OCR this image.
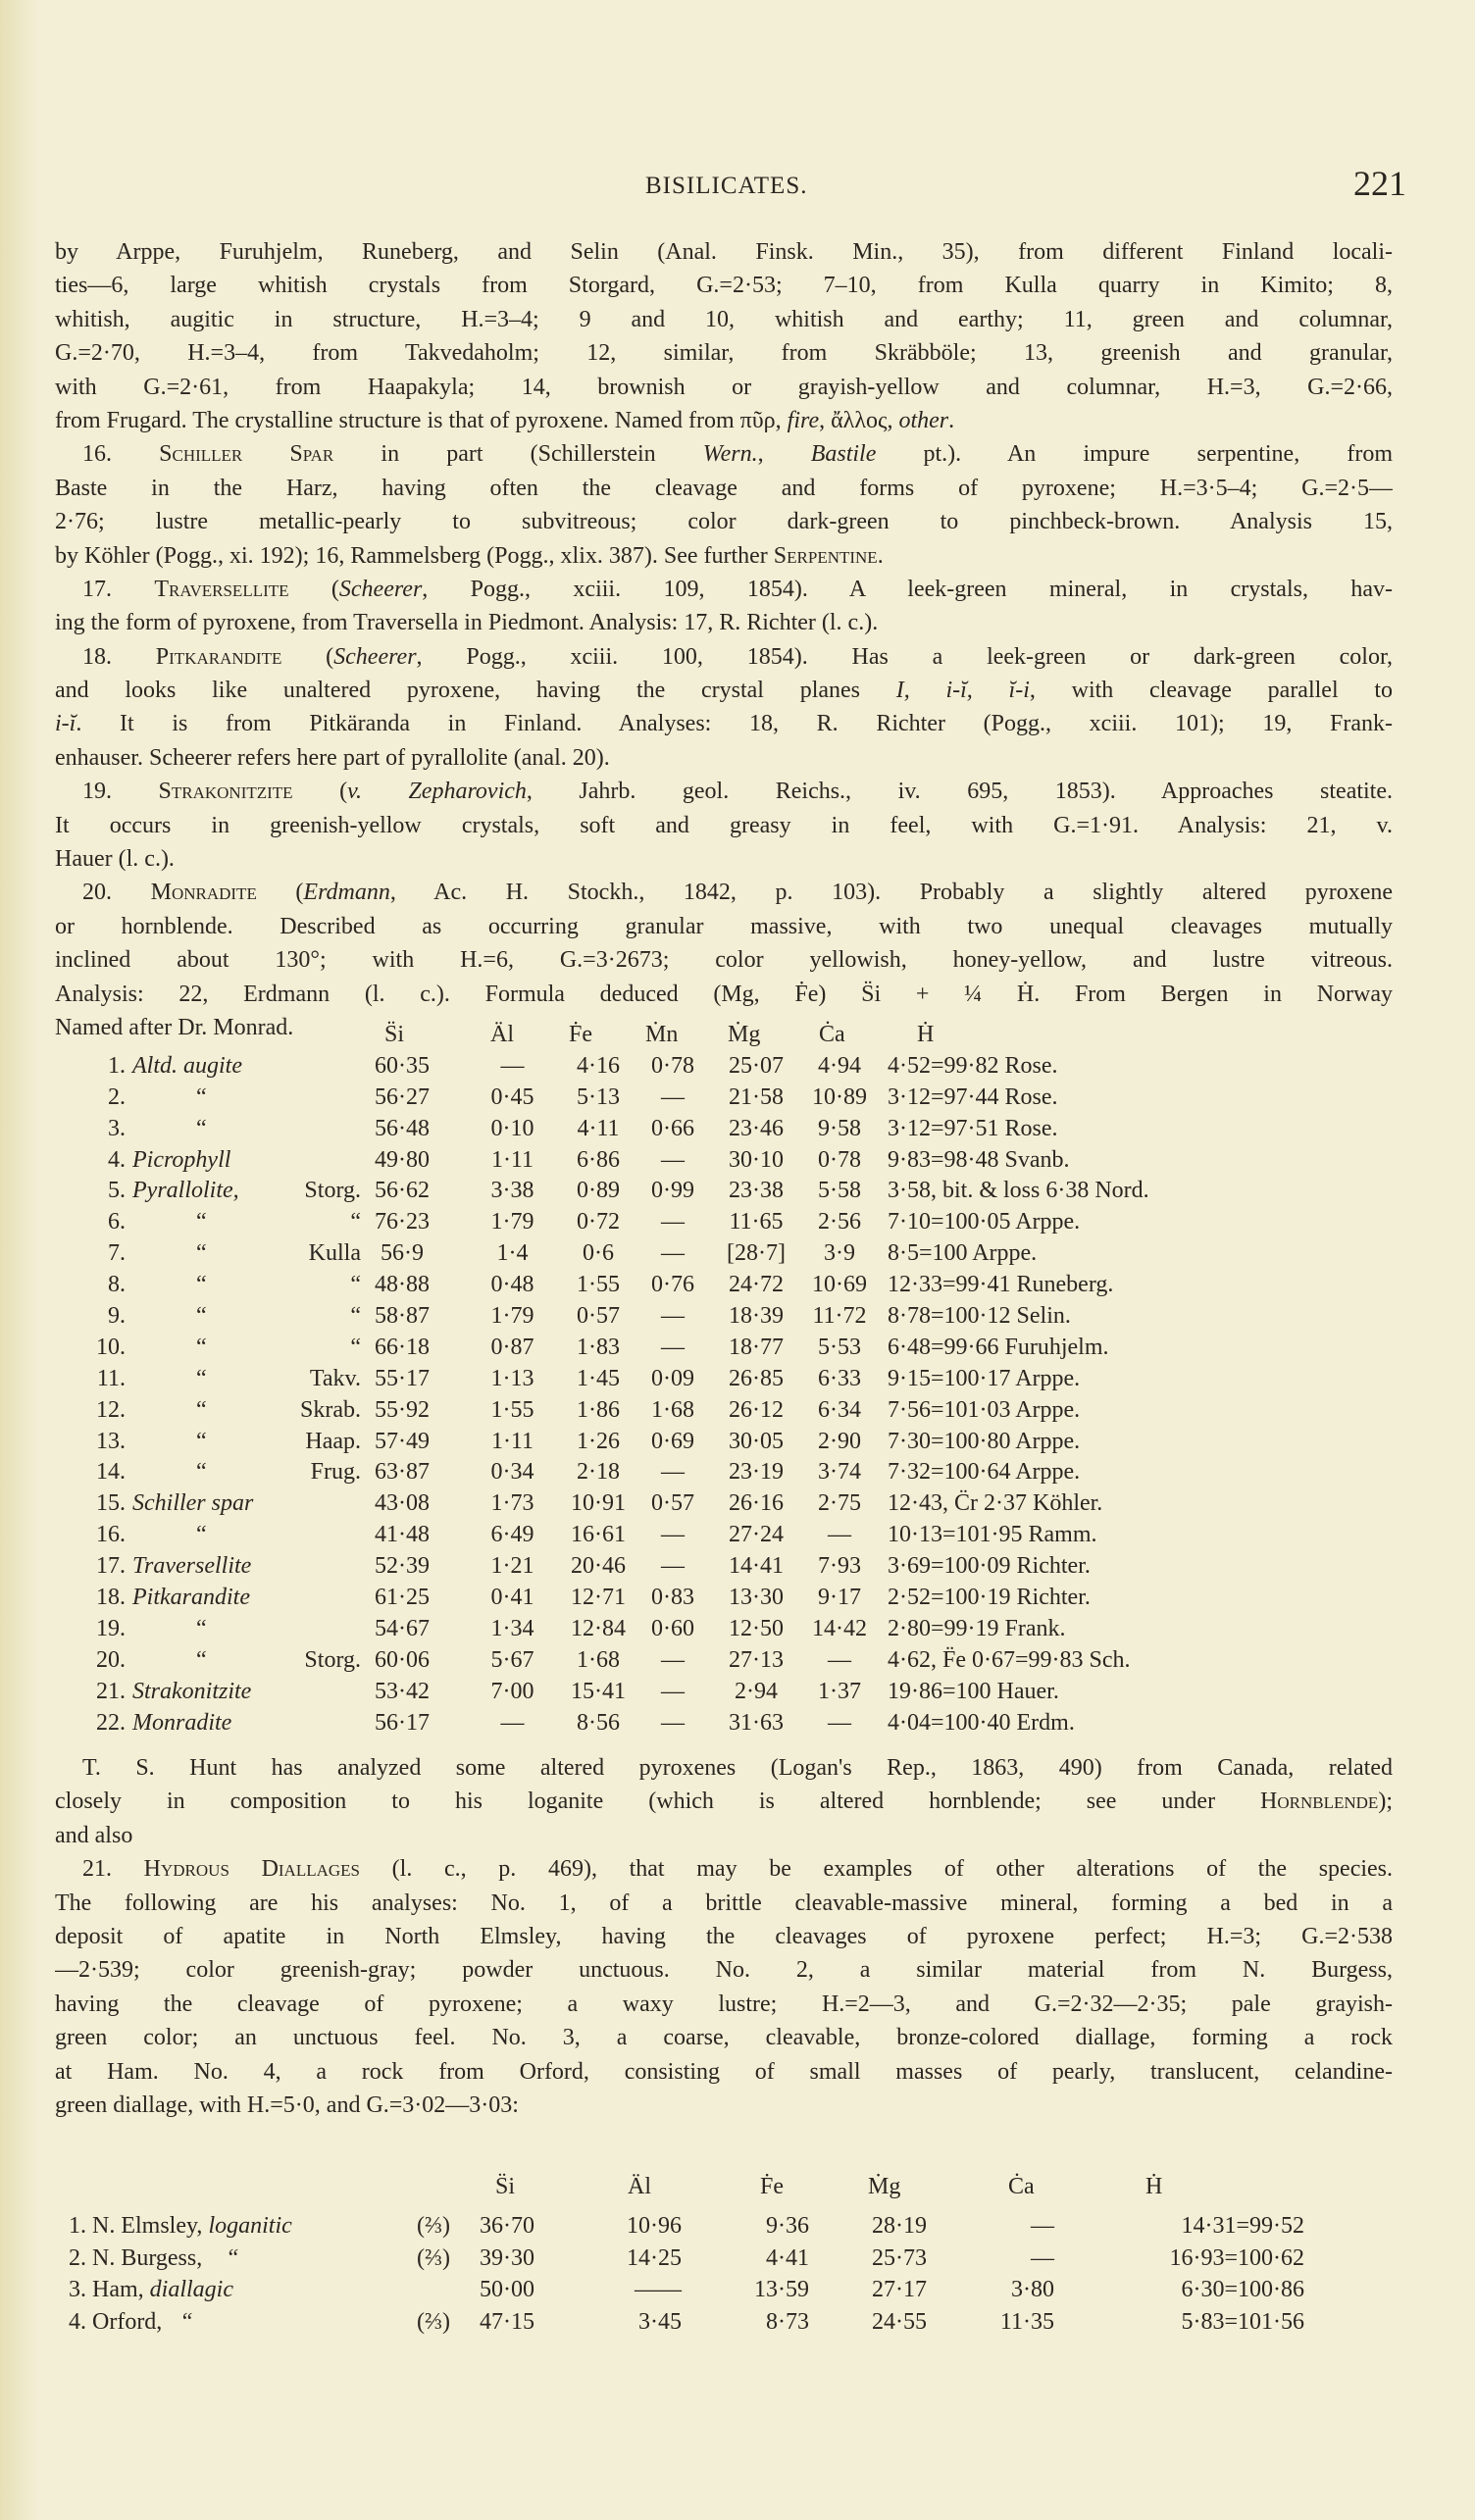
BISILICATES.	221
by Arppe, Furuhjelm, Runeberg, and Selin (Anal. Finsk. Min., 35), from different Finland locali-
ties—6, large whitish crystals from Storgard, G.=2·53; 7–10, from Kulla quarry in Kimito; 8,
whitish, augitic in structure, H.=3–4; 9 and 10, whitish and earthy; 11, green and columnar,
G.=2·70, H.=3–4, from Takvedaholm; 12, similar, from Skräbböle; 13, greenish and granular,
with G.=2·61, from Haapakyla; 14, brownish or grayish-yellow and columnar, H.=3, G.=2·66,
from Frugard. The crystalline structure is that of pyroxene. Named from πῦρ, fire, ἄλλος, other.
16. Schiller Spar in part (Schillerstein Wern., Bastile pt.). An impure serpentine, from
Baste in the Harz, having often the cleavage and forms of pyroxene; H.=3·5–4; G.=2·5—
2·76; lustre metallic-pearly to subvitreous; color dark-green to pinchbeck-brown. Analysis 15,
by Köhler (Pogg., xi. 192); 16, Rammelsberg (Pogg., xlix. 387). See further Serpentine.
17. Traversellite (Scheerer, Pogg., xciii. 109, 1854). A leek-green mineral, in crystals, hav-
ing the form of pyroxene, from Traversella in Piedmont. Analysis: 17, R. Richter (l. c.).
18. Pitkarandite (Scheerer, Pogg., xciii. 100, 1854). Has a leek-green or dark-green color,
and looks like unaltered pyroxene, having the crystal planes I, i-ĭ, ĭ-i, with cleavage parallel to
i-ĭ. It is from Pitkäranda in Finland. Analyses: 18, R. Richter (Pogg., xciii. 101); 19, Frank-
enhauser. Scheerer refers here part of pyrallolite (anal. 20).
19. Strakonitzite (v. Zepharovich, Jahrb. geol. Reichs., iv. 695, 1853). Approaches steatite.
It occurs in greenish-yellow crystals, soft and greasy in feel, with G.=1·91. Analysis: 21, v.
Hauer (l. c.).
20. Monradite (Erdmann, Ac. H. Stockh., 1842, p. 103). Probably a slightly altered pyroxene
or hornblende. Described as occurring granular massive, with two unequal cleavages mutually
inclined about 130°; with H.=6, G.=3·2673; color yellowish, honey-yellow, and lustre vitreous.
Analysis: 22, Erdmann (l. c.). Formula deduced (Mg, Ḟe) S̈i + ¼ Ḣ. From Bergen in Norway
Named after Dr. Monrad.	S̈i	Äl Ḟe Ṁn Ṁg Ċa	Ḣ
1. Altd. augite	60·35	—	4·16	0·78	25·07	4·94	4·52=99·82 Rose.
2.	“	56·27	0·45	5·13	—	21·58	10·89 3·12=97·44 Rose.
3.	“	56·48	0·10	4·11	0·66	23·46	9·58	3·12=97·51 Rose.
4. Picrophyll	49·80	1·11	6·86	—	30·10	0·78	9·83=98·48 Svanb.
5. Pyrallolite,	Storg. 56·62	3·38	0·89	0·99	23·38	5·58	3·58, bit. & loss 6·38 Nord.
6.	“	“ 76·23	1·79	0·72	—	11·65	2·56	7·10=100·05 Arppe.
7.	“	Kulla 56·9	1·4	0·6	—	[28·7]	3·9	8·5=100 Arppe.
8.	“	“ 48·88	0·48	1·55	0·76	24·72	10·69 12·33=99·41 Runeberg.
9.	“	“ 58·87	1·79	0·57	—	18·39	11·72 8·78=100·12 Selin.
10.	“	“ 66·18	0·87	1·83	—	18·77	5·53	6·48=99·66 Furuhjelm.
11.	“	Takv. 55·17	1·13	1·45	0·09	26·85	6·33	9·15=100·17 Arppe.
12.	“	Skrab. 55·92	1·55	1·86	1·68	26·12	6·34	7·56=101·03 Arppe.
13.	“	Haap. 57·49	1·11	1·26	0·69	30·05	2·90	7·30=100·80 Arppe.
14.	“	Frug. 63·87	0·34	2·18	—	23·19	3·74	7·32=100·64 Arppe.
15. Schiller spar	43·08	1·73	10·91	0·57	26·16	2·75	12·43, C̈r 2·37 Köhler.
16.	“	41·48	6·49	16·61	—	27·24	—	10·13=101·95 Ramm.
17. Traversellite	52·39	1·21	20·46	—	14·41	7·93	3·69=100·09 Richter.
18. Pitkarandite	61·25	0·41	12·71	0·83	13·30	9·17	2·52=100·19 Richter.
19.	“	54·67	1·34	12·84	0·60	12·50	14·42 2·80=99·19 Frank.
20.	“	Storg. 60·06	5·67	1·68	—	27·13	—	4·62, F̈e 0·67=99·83 Sch.
21. Strakonitzite	53·42	7·00	15·41	—	2·94	1·37	19·86=100 Hauer.
22. Monradite	56·17	—	8·56	—	31·63	—	4·04=100·40 Erdm.
T. S. Hunt has analyzed some altered pyroxenes (Logan's Rep., 1863, 490) from Canada, related
closely in composition to his loganite (which is altered hornblende; see under Hornblende);
and also
21. Hydrous Diallages (l. c., p. 469), that may be examples of other alterations of the species.
The following are his analyses: No. 1, of a brittle cleavable-massive mineral, forming a bed in a
deposit of apatite in North Elmsley, having the cleavages of pyroxene perfect; H.=3; G.=2·538
—2·539; color greenish-gray; powder unctuous. No. 2, a similar material from N. Burgess,
having the cleavage of pyroxene; a waxy lustre; H.=2—3, and G.=2·32—2·35; pale grayish-
green color; an unctuous feel. No. 3, a coarse, cleavable, bronze-colored diallage, forming a rock
at Ham. No. 4, a rock from Orford, consisting of small masses of pearly, translucent, celandine-
green diallage, with H.=5·0, and G.=3·02—3·03:
S̈i	Äl	Ḟe	Ṁg	Ċa	Ḣ
1. N. Elmsley, loganitic	(⅔)	36·70	10·96	9·36	28·19	—	14·31=99·52
2. N. Burgess,    “	(⅔)	39·30	14·25	4·41	25·73	—	16·93=100·62
3. Ham, diallagic	50·00	——	13·59	27·17	3·80	6·30=100·86
4. Orford,   “	(⅔)	47·15	3·45	8·73	24·55	11·35	5·83=101·56
